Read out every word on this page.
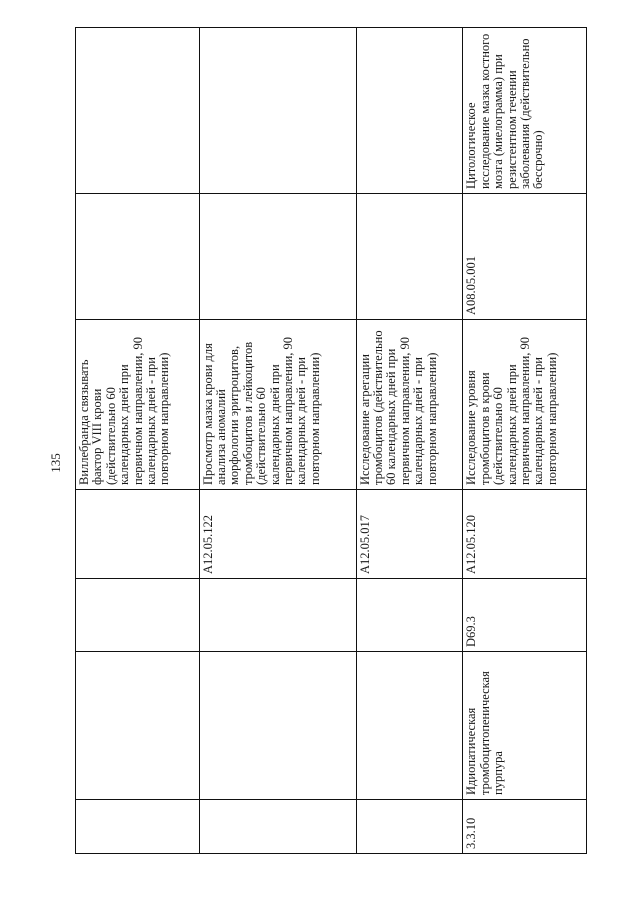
135
				Виллебранда связывать фактор VIII крови (действительно 60 календарных дней при первичном направлении, 90 календарных дней - при повторном направлении)		
			A12.05.122	Просмотр мазка крови для анализа аномалий морфологии эритроцитов, тромбоцитов и лейкоцитов (действительно 60 календарных дней при первичном направлении, 90 календарных дней - при повторном направлении)		
			A12.05.017	Исследование агрегации тромбоцитов (действительно 60 календарных дней при первичном направлении, 90 календарных дней - при повторном направлении)		
3.3.10	Идиопатическая тромбоцитопеническая пурпура	D69.3	A12.05.120	Исследование уровня тромбоцитов в крови (действительно 60 календарных дней при первичном направлении, 90 календарных дней - при повторном направлении)	A08.05.001	Цитологическое исследование мазка костного мозга (миелограмма) при резистентном течении заболевания (действительно бессрочно)
